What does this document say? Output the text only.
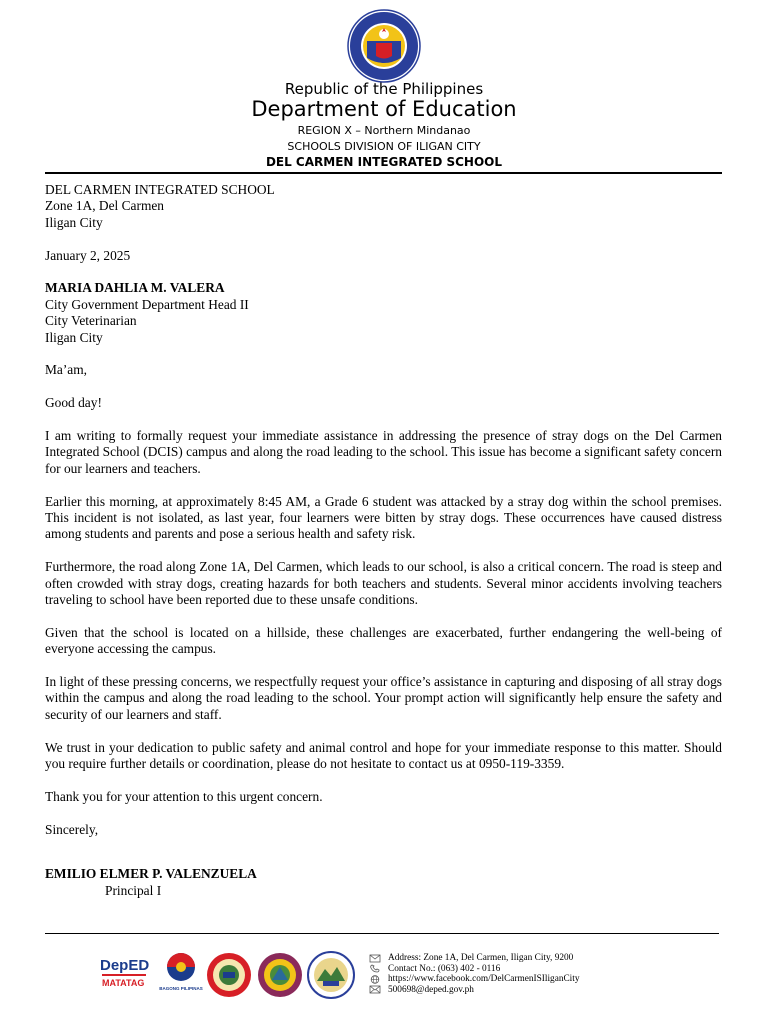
Republic of the Philippines
Department of Education
REGION X – Northern Mindanao
SCHOOLS DIVISION OF ILIGAN CITY
DEL CARMEN INTEGRATED SCHOOL
DEL CARMEN INTEGRATED SCHOOL
Zone 1A, Del Carmen
Iligan City
January 2, 2025
MARIA DAHLIA M. VALERA
City Government Department Head II
City Veterinarian
Iligan City
Ma’am,
Good day!

I am writing to formally request your immediate assistance in addressing the presence of stray dogs on the Del Carmen Integrated School (DCIS) campus and along the road leading to the school. This issue has become a significant safety concern for our learners and teachers.

Earlier this morning, at approximately 8:45 AM, a Grade 6 student was attacked by a stray dog within the school premises. This incident is not isolated, as last year, four learners were bitten by stray dogs. These occurrences have caused distress among students and parents and pose a serious health and safety risk.

Furthermore, the road along Zone 1A, Del Carmen, which leads to our school, is also a critical concern. The road is steep and often crowded with stray dogs, creating hazards for both teachers and students. Several minor accidents involving teachers traveling to school have been reported due to these unsafe conditions.

Given that the school is located on a hillside, these challenges are exacerbated, further endangering the well-being of everyone accessing the campus.

In light of these pressing concerns, we respectfully request your office’s assistance in capturing and disposing of all stray dogs within the campus and along the road leading to the school. Your prompt action will significantly help ensure the safety and security of our learners and staff.

We trust in your dedication to public safety and animal control and hope for your immediate response to this matter. Should you require further details or coordination, please do not hesitate to contact us at 0950-119-3359.

Thank you for your attention to this urgent concern.

Sincerely,
EMILIO ELMER P. VALENZUELA
Principal I
DepED
MATATAG
BAGONG PILIPINAS
Address: Zone 1A, Del Carmen, Iligan City, 9200
Contact No.: (063) 402 - 0116
https://www.facebook.com/DelCarmenISIliganCity
500698@deped.gov.ph
